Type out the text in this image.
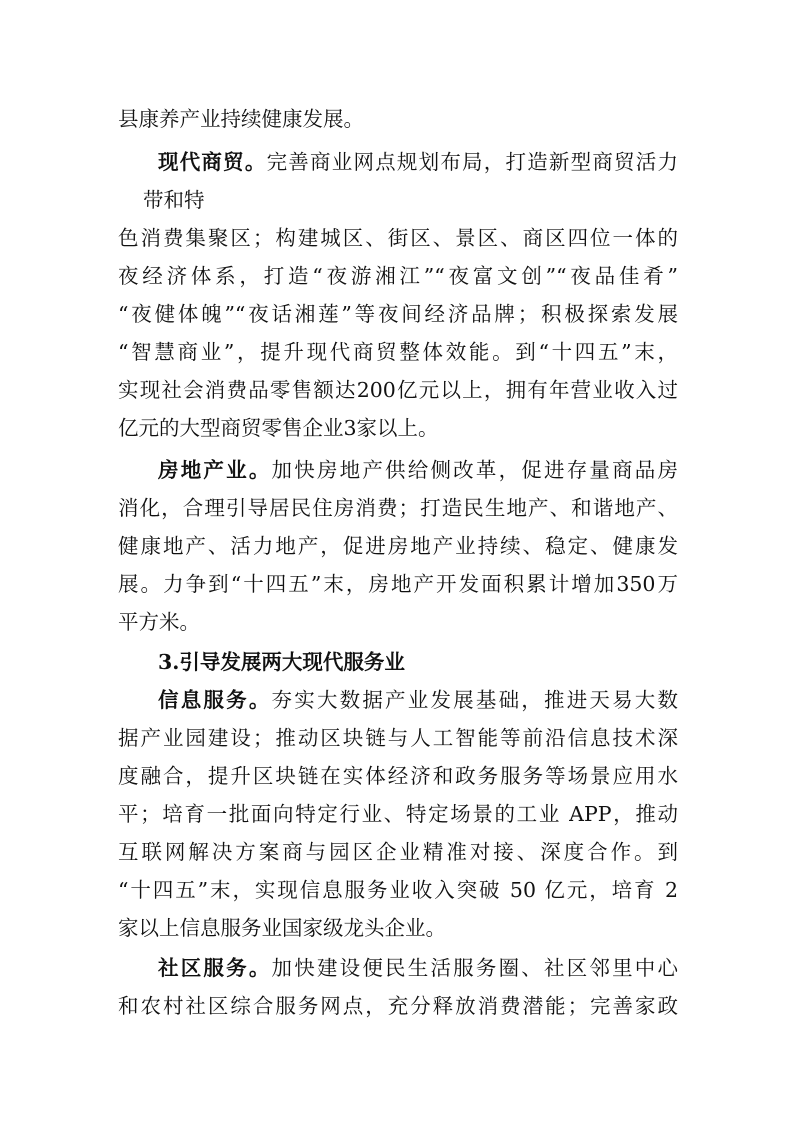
县康养产业持续健康发展。
现代商贸。完善商业网点规划布局，打造新型商贸活力
带和特
色消费集聚区；构建城区、街区、景区、商区四位一体的
夜经济体系，打造“夜游湘江”“夜富文创”“夜品佳肴”
“夜健体魄”“夜话湘莲”等夜间经济品牌；积极探索发展
“智慧商业”，提升现代商贸整体效能。到“十四五”末，
实现社会消费品零售额达200亿元以上，拥有年营业收入过
亿元的大型商贸零售企业3家以上。
房地产业。加快房地产供给侧改革，促进存量商品房
消化，合理引导居民住房消费；打造民生地产、和谐地产、
健康地产、活力地产，促进房地产业持续、稳定、健康发
展。力争到“十四五”末，房地产开发面积累计增加350万
平方米。
3.引导发展两大现代服务业
信息服务。夯实大数据产业发展基础，推进天易大数
据产业园建设；推动区块链与人工智能等前沿信息技术深
度融合，提升区块链在实体经济和政务服务等场景应用水
平；培育一批面向特定行业、特定场景的工业 APP，推动
互联网解决方案商与园区企业精准对接、深度合作。到
“十四五”末，实现信息服务业收入突破 50 亿元，培育 2
家以上信息服务业国家级龙头企业。
社区服务。加快建设便民生活服务圈、社区邻里中心
和农村社区综合服务网点，充分释放消费潜能；完善家政
